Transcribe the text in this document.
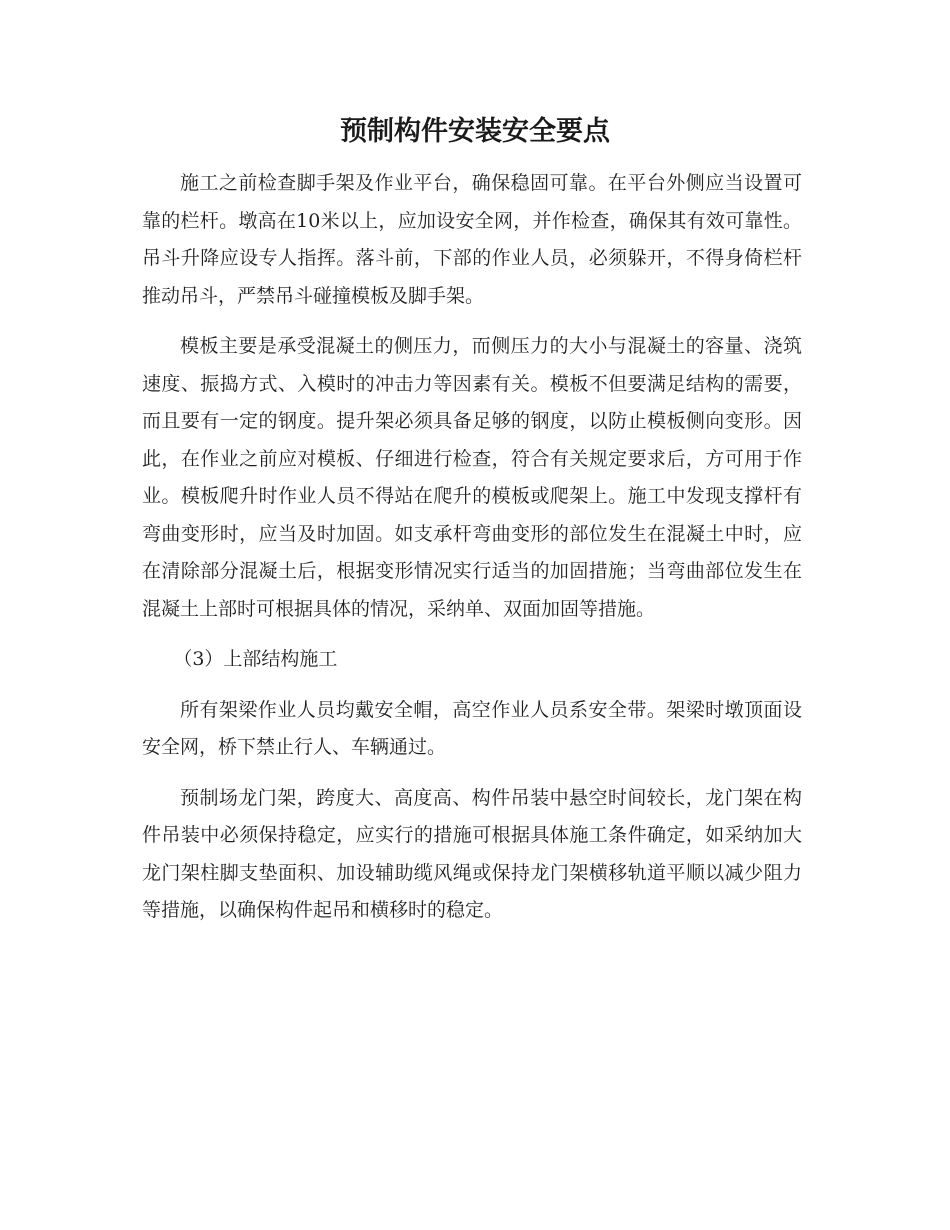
预制构件安装安全要点

施工之前检查脚手架及作业平台，确保稳固可靠。在平台外侧应当设置可靠的栏杆。墩高在10米以上，应加设安全网，并作检查，确保其有效可靠性。吊斗升降应设专人指挥。落斗前，下部的作业人员，必须躲开，不得身倚栏杆推动吊斗，严禁吊斗碰撞模板及脚手架。

模板主要是承受混凝土的侧压力，而侧压力的大小与混凝土的容量、浇筑速度、振捣方式、入模时的冲击力等因素有关。模板不但要满足结构的需要，而且要有一定的钢度。提升架必须具备足够的钢度，以防止模板侧向变形。因此，在作业之前应对模板、仔细进行检查，符合有关规定要求后，方可用于作业。模板爬升时作业人员不得站在爬升的模板或爬架上。施工中发现支撑杆有弯曲变形时，应当及时加固。如支承杆弯曲变形的部位发生在混凝土中时，应在清除部分混凝土后，根据变形情况实行适当的加固措施；当弯曲部位发生在混凝土上部时可根据具体的情况，采纳单、双面加固等措施。

（3）上部结构施工

所有架梁作业人员均戴安全帽，高空作业人员系安全带。架梁时墩顶面设安全网，桥下禁止行人、车辆通过。

预制场龙门架，跨度大、高度高、构件吊装中悬空时间较长，龙门架在构件吊装中必须保持稳定，应实行的措施可根据具体施工条件确定，如采纳加大龙门架柱脚支垫面积、加设辅助缆风绳或保持龙门架横移轨道平顺以减少阻力等措施，以确保构件起吊和横移时的稳定。
